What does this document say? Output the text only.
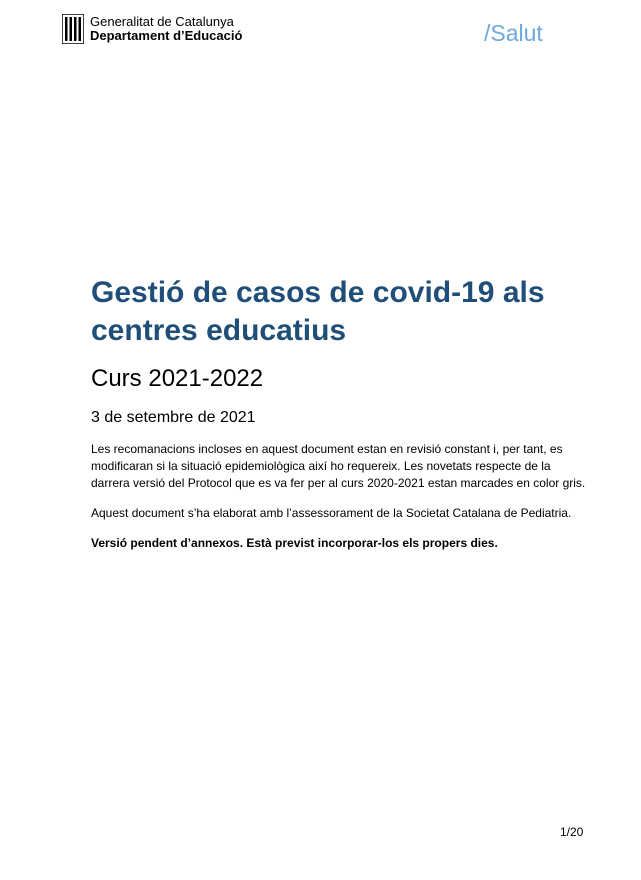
Generalitat de Catalunya
Departament d’Educació	/Salut
Gestió de casos de covid-19 als centres educatius
Curs 2021-2022
3 de setembre de 2021

Les recomanacions incloses en aquest document estan en revisió constant i, per tant, es modificaran si la situació epidemiològica així ho requereix. Les novetats respecte de la darrera versió del Protocol que es va fer per al curs 2020-2021 estan marcades en color gris.

Aquest document s’ha elaborat amb l’assessorament de la Societat Catalana de Pediatria.

Versió pendent d’annexos. Està previst incorporar-los els propers dies.

1/20
